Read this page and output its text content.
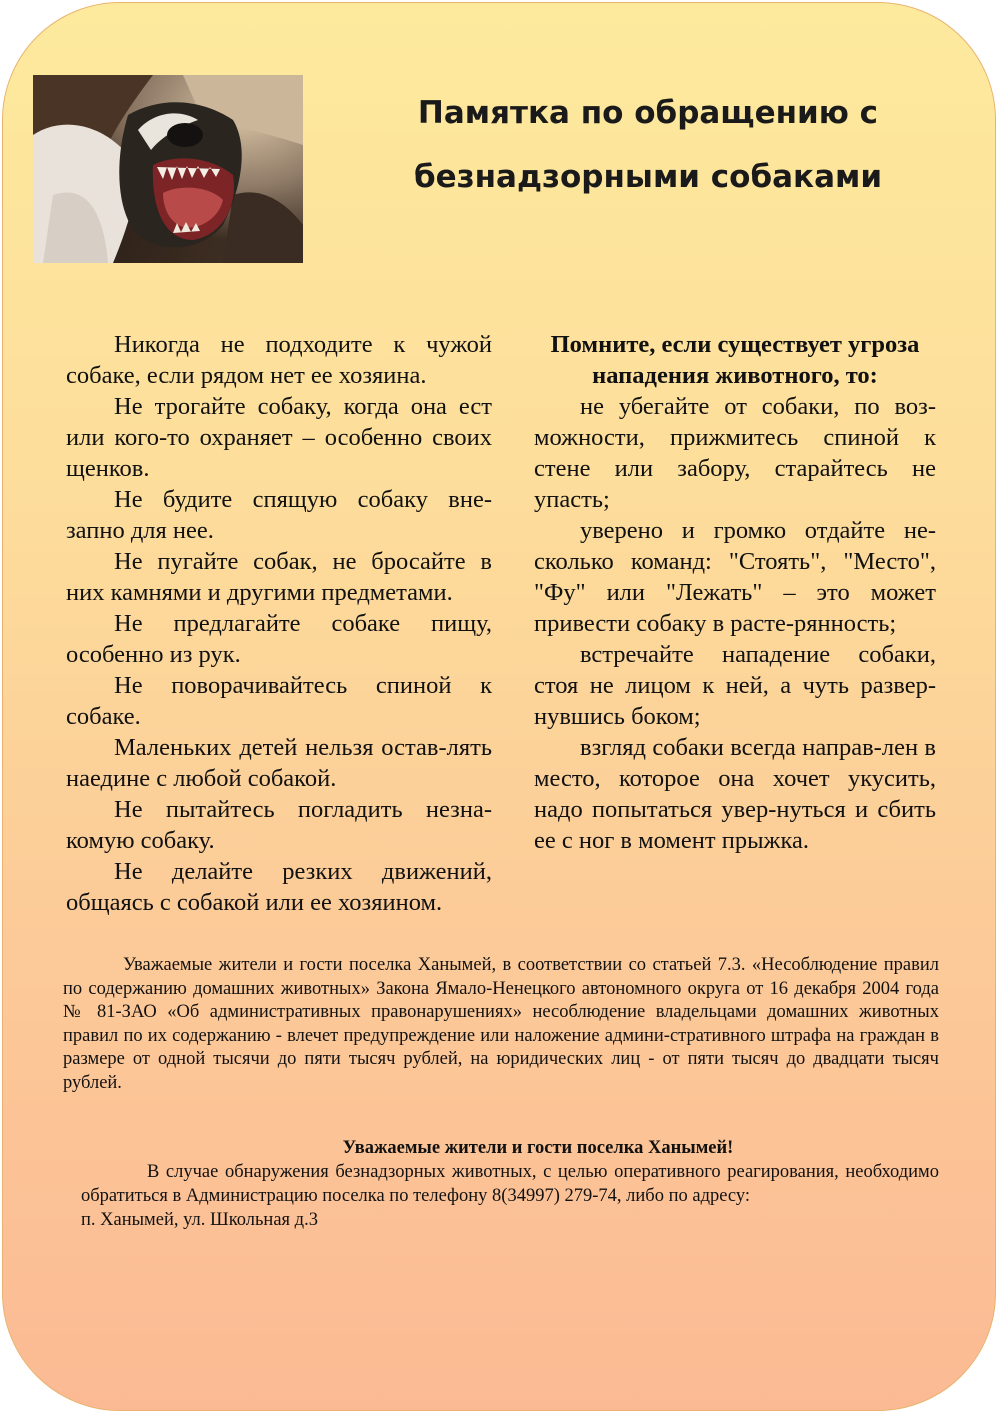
Памятка по обращению с
безнадзорными собаками

Никогда не подходите к чужой собаке, если рядом нет ее хозяина.

Не трогайте собаку, когда она ест или кого-то охраняет – особенно своих щенков.

Не будите спящую собаку вне-запно для нее.

Не пугайте собак, не бросайте в них камнями и другими предметами.

Не предлагайте собаке пищу, особенно из рук.

Не поворачивайтесь спиной к собаке.

Маленьких детей нельзя остав-лять наедине с любой собакой.

Не пытайтесь погладить незна-комую собаку.

Не делайте резких движений, общаясь с собакой или ее хозяином.

Помните, если существует угроза нападения животного, то:

не убегайте от собаки, по воз-можности, прижмитесь спиной к стене или забору, старайтесь не упасть;

уверено и громко отдайте не-сколько команд: "Стоять", "Место", "Фу" или "Лежать" – это может привести собаку в расте-рянность;

встречайте нападение собаки, стоя не лицом к ней, а чуть развер-нувшись боком;

взгляд собаки всегда направ-лен в место, которое она хочет укусить, надо попытаться увер-нуться и сбить ее с ног в момент прыжка.

Уважаемые жители и гости поселка Ханымей, в соответствии со статьей 7.3. «Несоблюдение правил по содержанию домашних животных» Закона Ямало-Ненецкого автономного округа от 16 декабря 2004 года № 81-ЗАО «Об административных правонарушениях» несоблюдение владельцами домашних животных правил по их содержанию - влечет предупреждение или наложение админи-стративного штрафа на граждан в размере от одной тысячи до пяти тысяч рублей, на юридических лиц - от пяти тысяч до двадцати тысяч рублей.

Уважаемые жители и гости поселка Ханымей!

В случае обнаружения безнадзорных животных, с целью оперативного реагирования, необходимо обратиться в Администрацию поселка по телефону 8(34997) 279-74, либо по адресу:

п. Ханымей, ул. Школьная д.3
